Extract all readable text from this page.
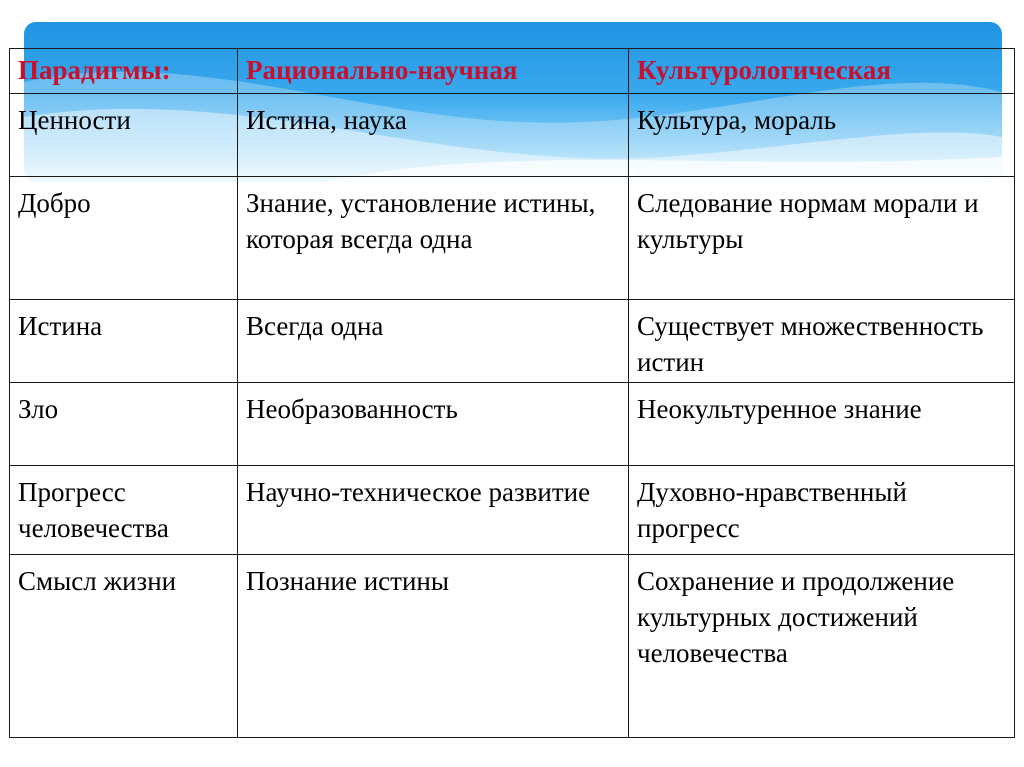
Парадигмы:	Рационально-научная	Культурологическая
Ценности	Истина, наука	Культура, мораль
Добро	Знание, установление истины, которая всегда одна	Следование нормам морали и культуры
Истина	Всегда одна	Существует множественность истин
Зло	Необразованность	Неокультуренное знание
Прогресс человечества	Научно-техническое развитие	Духовно-нравственный прогресс
Смысл жизни	Познание истины	Сохранение и продолжение культурных достижений человечества
